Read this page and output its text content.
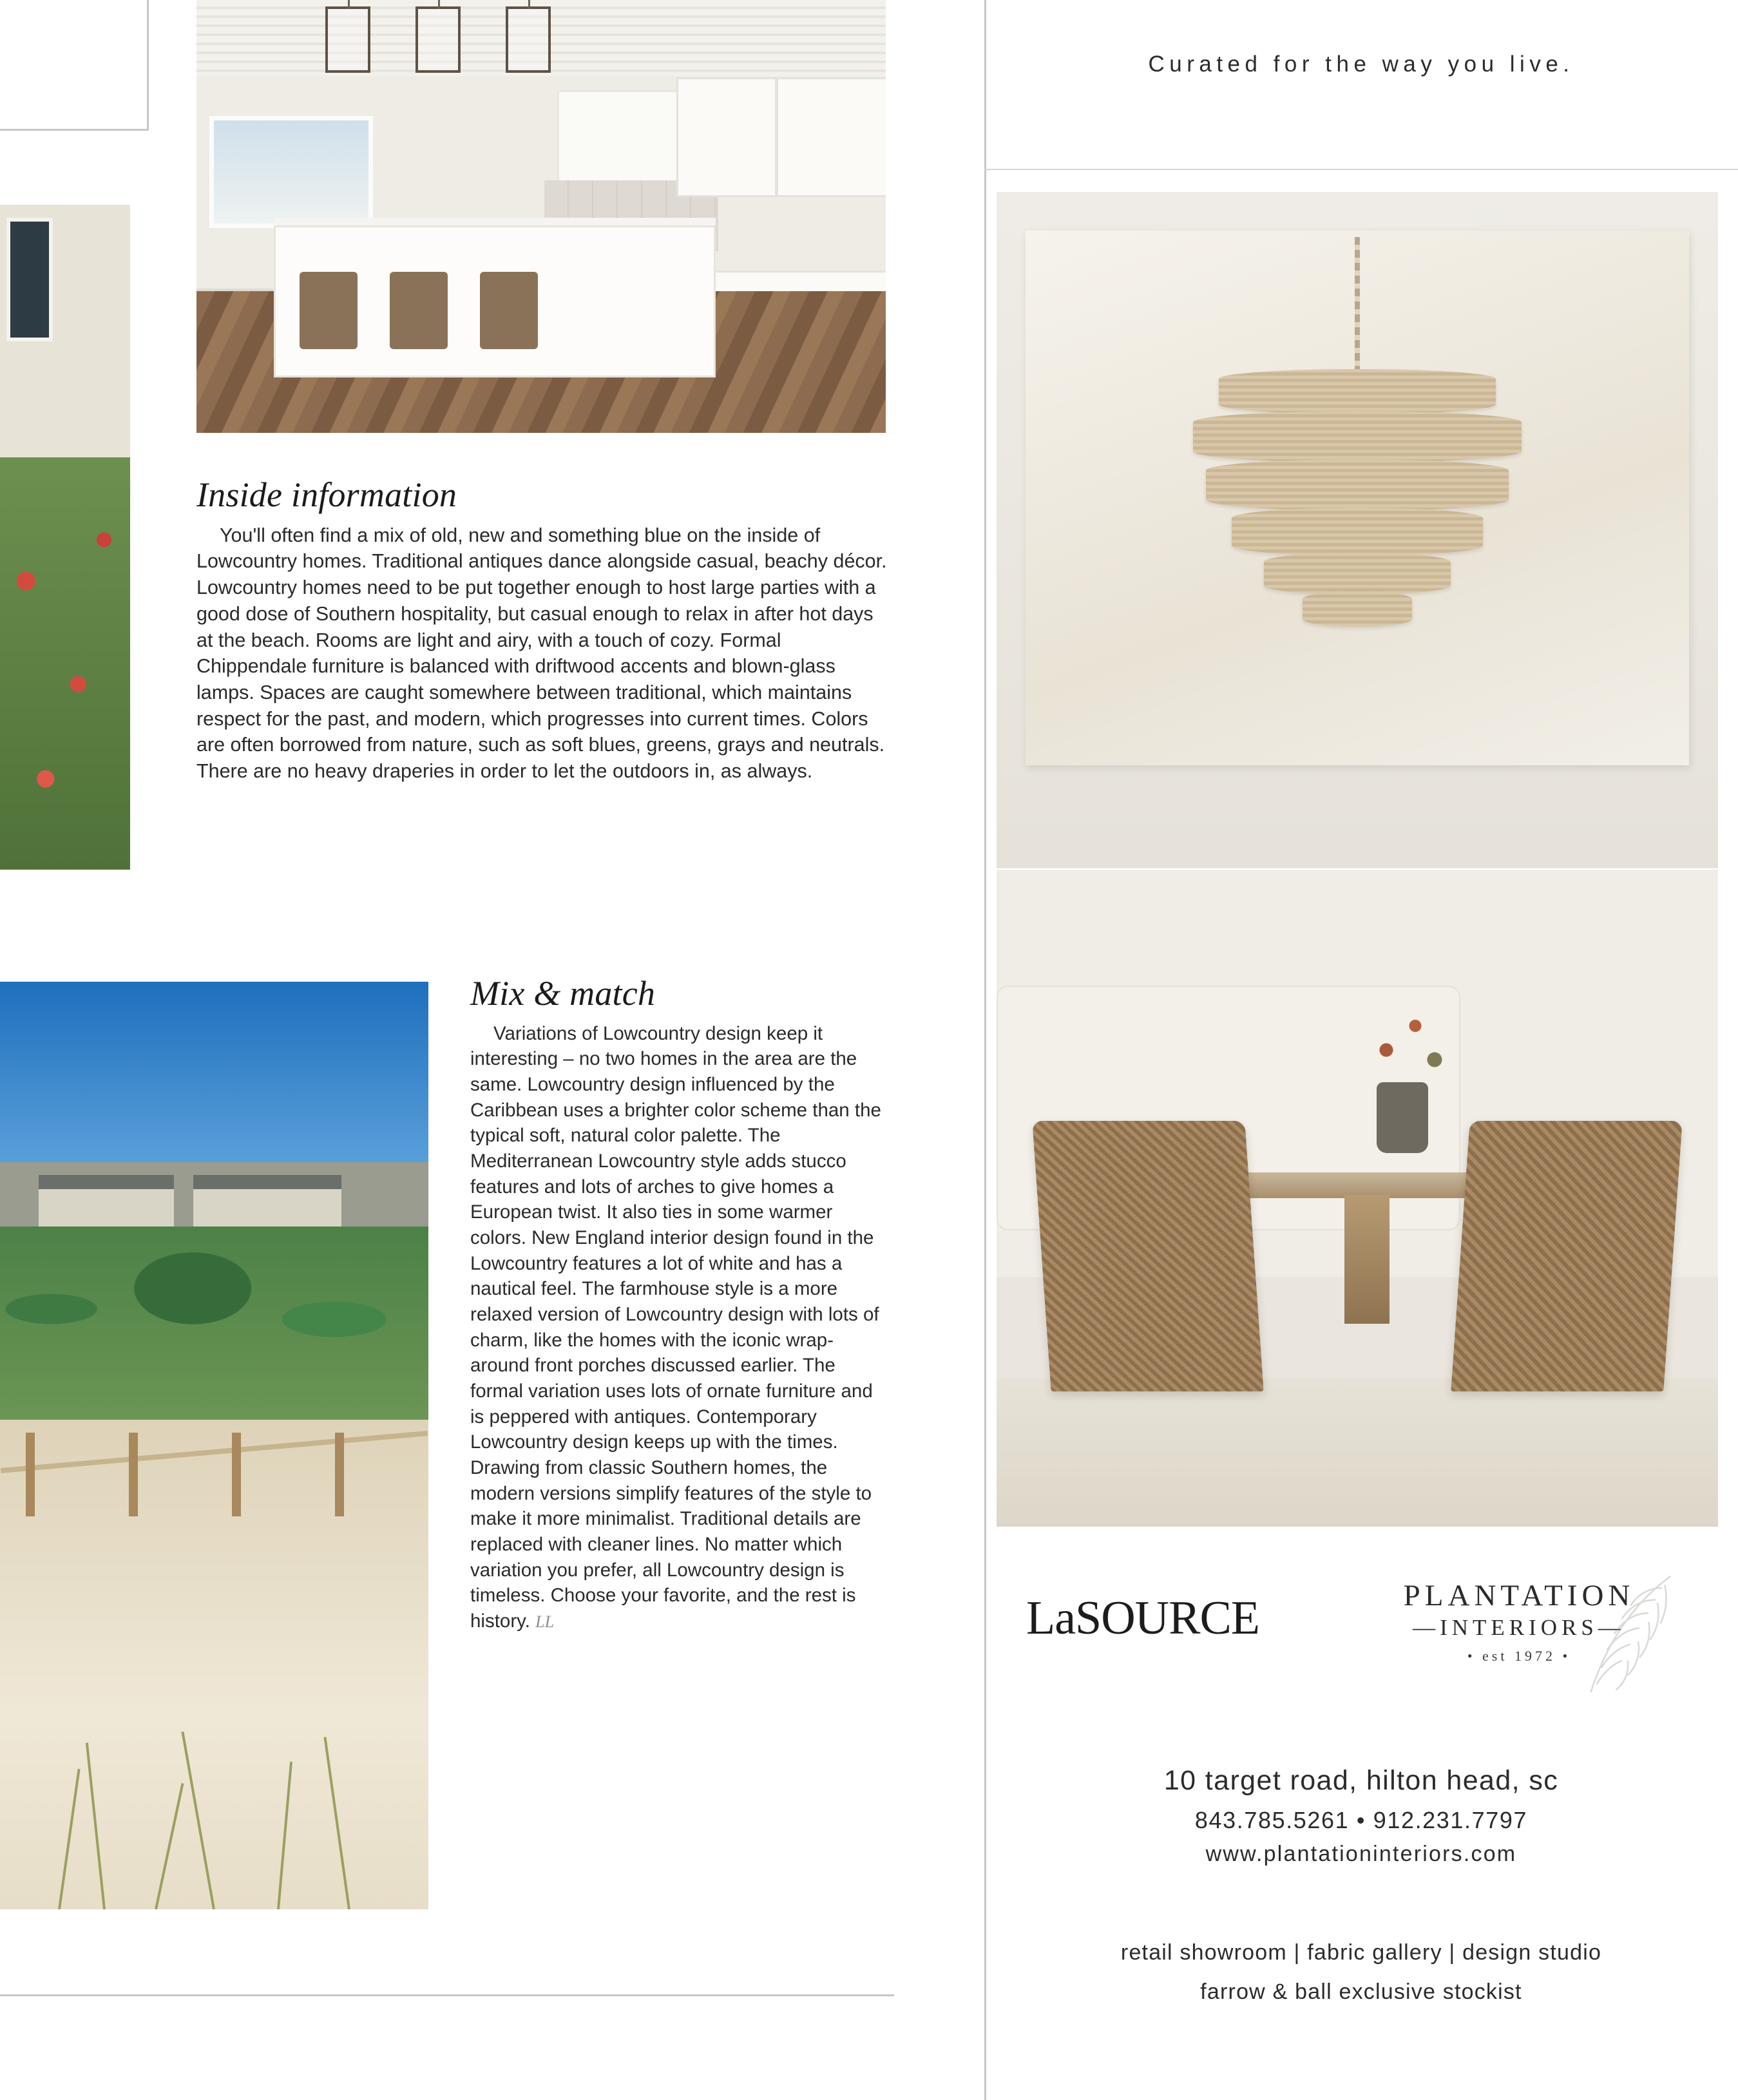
Inside information

You'll often find a mix of old, new and something blue on the inside of Lowcountry homes. Traditional antiques dance alongside casual, beachy décor. Lowcountry homes need to be put together enough to host large parties with a good dose of Southern hospitality, but casual enough to relax in after hot days at the beach. Rooms are light and airy, with a touch of cozy. Formal Chippendale furniture is balanced with driftwood accents and blown-glass lamps. Spaces are caught somewhere between traditional, which maintains respect for the past, and modern, which progresses into current times. Colors are often borrowed from nature, such as soft blues, greens, grays and neutrals. There are no heavy draperies in order to let the outdoors in, as always.

Mix & match

Variations of Lowcountry design keep it interesting – no two homes in the area are the same. Lowcountry design influenced by the Caribbean uses a brighter color scheme than the typical soft, natural color palette. The Mediterranean Lowcountry style adds stucco features and lots of arches to give homes a European twist. It also ties in some warmer colors. New England interior design found in the Lowcountry features a lot of white and has a nautical feel. The farmhouse style is a more relaxed version of Lowcountry design with lots of charm, like the homes with the iconic wrap-around front porches discussed earlier. The formal variation uses lots of ornate furniture and is peppered with antiques. Contemporary Lowcountry design keeps up with the times. Drawing from classic Southern homes, the modern versions simplify features of the style to make it more minimalist. Traditional details are replaced with cleaner lines. No matter which variation you prefer, all Lowcountry design is timeless. Choose your favorite, and the rest is history. LL

Curated for the way you live.
LaSOURCE	PLANTATION
—INTERIORS—
• est 1972 •
10 target road, hilton head, sc
843.785.5261 • 912.231.7797
www.plantationinteriors.com
retail showroom | fabric gallery | design studio
farrow & ball exclusive stockist
